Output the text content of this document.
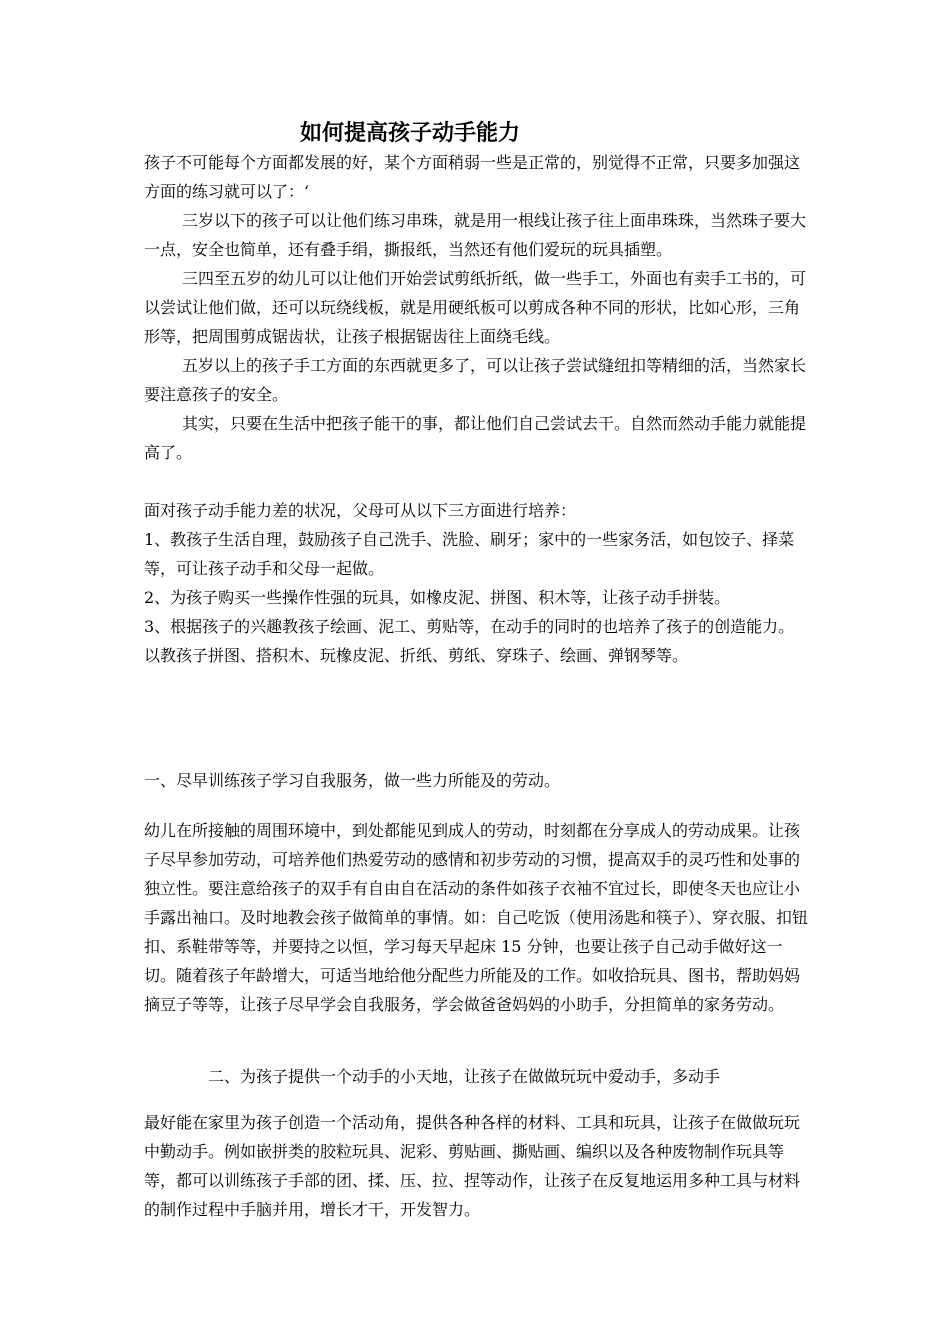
如何提高孩子动手能力

孩子不可能每个方面都发展的好，某个方面稍弱一些是正常的，别觉得不正常，只要多加强这方面的练习就可以了：‘

三岁以下的孩子可以让他们练习串珠，就是用一根线让孩子往上面串珠珠，当然珠子要大一点，安全也简单，还有叠手绢，撕报纸，当然还有他们爱玩的玩具插塑。

三四至五岁的幼儿可以让他们开始尝试剪纸折纸，做一些手工，外面也有卖手工书的，可以尝试让他们做，还可以玩绕线板，就是用硬纸板可以剪成各种不同的形状，比如心形，三角形等，把周围剪成锯齿状，让孩子根据锯齿往上面绕毛线。

五岁以上的孩子手工方面的东西就更多了，可以让孩子尝试缝纽扣等精细的活，当然家长要注意孩子的安全。

其实，只要在生活中把孩子能干的事，都让他们自己尝试去干。自然而然动手能力就能提高了。

面对孩子动手能力差的状况，父母可从以下三方面进行培养：

1、教孩子生活自理，鼓励孩子自己洗手、洗脸、刷牙；家中的一些家务活，如包饺子、择菜等，可让孩子动手和父母一起做。

2、为孩子购买一些操作性强的玩具，如橡皮泥、拼图、积木等，让孩子动手拼装。

3、根据孩子的兴趣教孩子绘画、泥工、剪贴等，在动手的同时的也培养了孩子的创造能力。

以教孩子拼图、搭积木、玩橡皮泥、折纸、剪纸、穿珠子、绘画、弹钢琴等。

一、尽早训练孩子学习自我服务，做一些力所能及的劳动。

幼儿在所接触的周围环境中，到处都能见到成人的劳动，时刻都在分享成人的劳动成果。让孩子尽早参加劳动，可培养他们热爱劳动的感情和初步劳动的习惯，提高双手的灵巧性和处事的独立性。要注意给孩子的双手有自由自在活动的条件如孩子衣袖不宜过长，即使冬天也应让小手露出袖口。及时地教会孩子做简单的事情。如：自己吃饭（使用汤匙和筷子）、穿衣服、扣钮扣、系鞋带等等，并要持之以恒，学习每天早起床 15 分钟，也要让孩子自己动手做好这一切。随着孩子年龄增大，可适当地给他分配些力所能及的工作。如收拾玩具、图书，帮助妈妈摘豆子等等，让孩子尽早学会自我服务，学会做爸爸妈妈的小助手，分担简单的家务劳动。

二、为孩子提供一个动手的小天地，让孩子在做做玩玩中爱动手，多动手

最好能在家里为孩子创造一个活动角，提供各种各样的材料、工具和玩具，让孩子在做做玩玩中勤动手。例如嵌拼类的胶粒玩具、泥彩、剪贴画、撕贴画、编织以及各种废物制作玩具等等，都可以训练孩子手部的团、揉、压、拉、捏等动作，让孩子在反复地运用多种工具与材料的制作过程中手脑并用，增长才干，开发智力。
